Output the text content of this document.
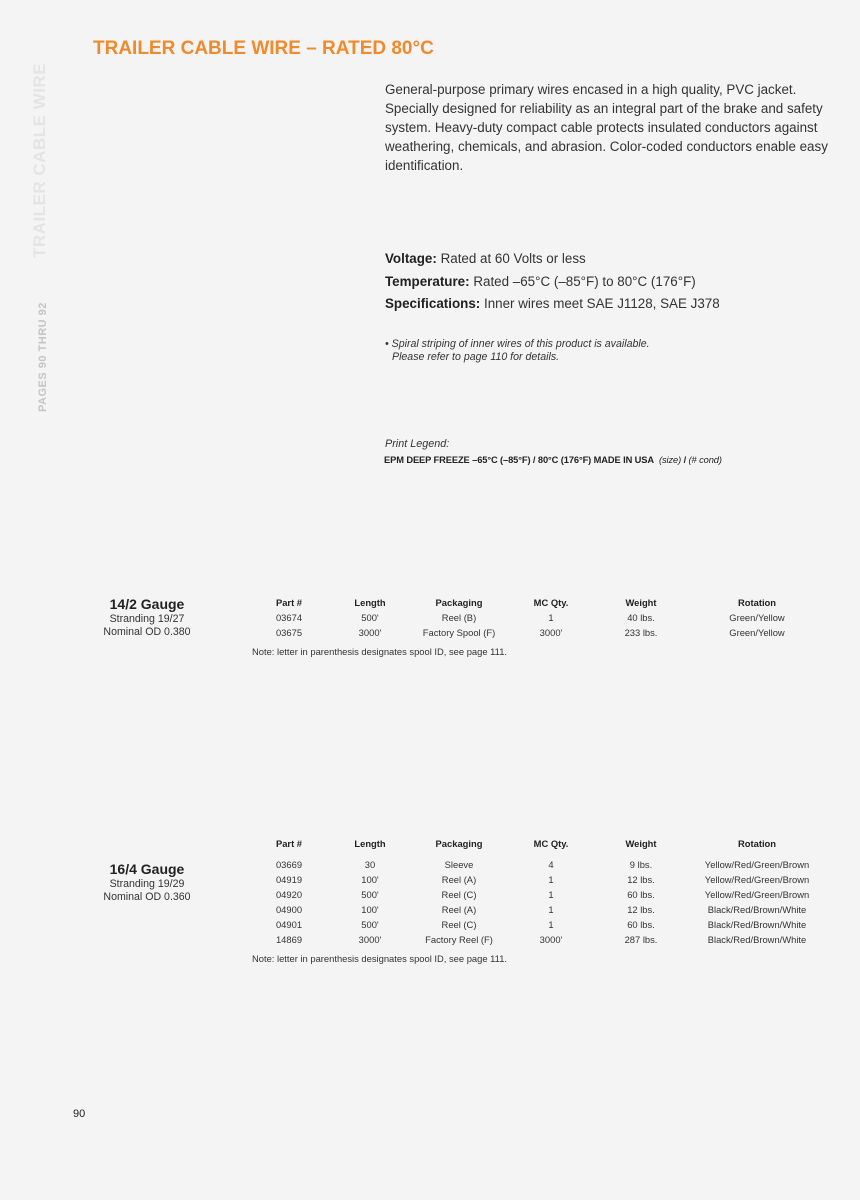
TRAILER CABLE WIRE
PAGES 90 THRU 92
TRAILER CABLE WIRE – RATED 80°C

General-purpose primary wires encased in a high quality, PVC jacket. Specially designed for reliability as an integral part of the brake and safety system. Heavy-duty compact cable protects insulated conductors against weathering, chemicals, and abrasion. Color-coded conductors enable easy identification.

Voltage: Rated at 60 Volts or less
Temperature: Rated –65°C (–85°F) to 80°C (176°F)
Specifications: Inner wires meet SAE J1128, SAE J378
• Spiral striping of inner wires of this product is available.
Please refer to page 110 for details.
Print Legend:
EPM DEEP FREEZE –65°C (–85°F) / 80°C (176°F) MADE IN USA (size) / (# cond)
14/2 Gauge
Stranding 19/27
Nominal OD 0.380
Part #	Length	Packaging	MC Qty.	Weight	Rotation
03674	500'	Reel (B)	1	40 lbs.	Green/Yellow
03675	3000'	Factory Spool (F)	3000'	233 lbs.	Green/Yellow
Note: letter in parenthesis designates spool ID, see page 111.
16/4 Gauge
Stranding 19/29
Nominal OD 0.360
Part #	Length	Packaging	MC Qty.	Weight	Rotation
03669	30	Sleeve	4	9 lbs.	Yellow/Red/Green/Brown
04919	100'	Reel (A)	1	12 lbs.	Yellow/Red/Green/Brown
04920	500'	Reel (C)	1	60 lbs.	Yellow/Red/Green/Brown
04900	100'	Reel (A)	1	12 lbs.	Black/Red/Brown/White
04901	500'	Reel (C)	1	60 lbs.	Black/Red/Brown/White
14869	3000'	Factory Reel (F)	3000'	287 lbs.	Black/Red/Brown/White
Note: letter in parenthesis designates spool ID, see page 111.
90
